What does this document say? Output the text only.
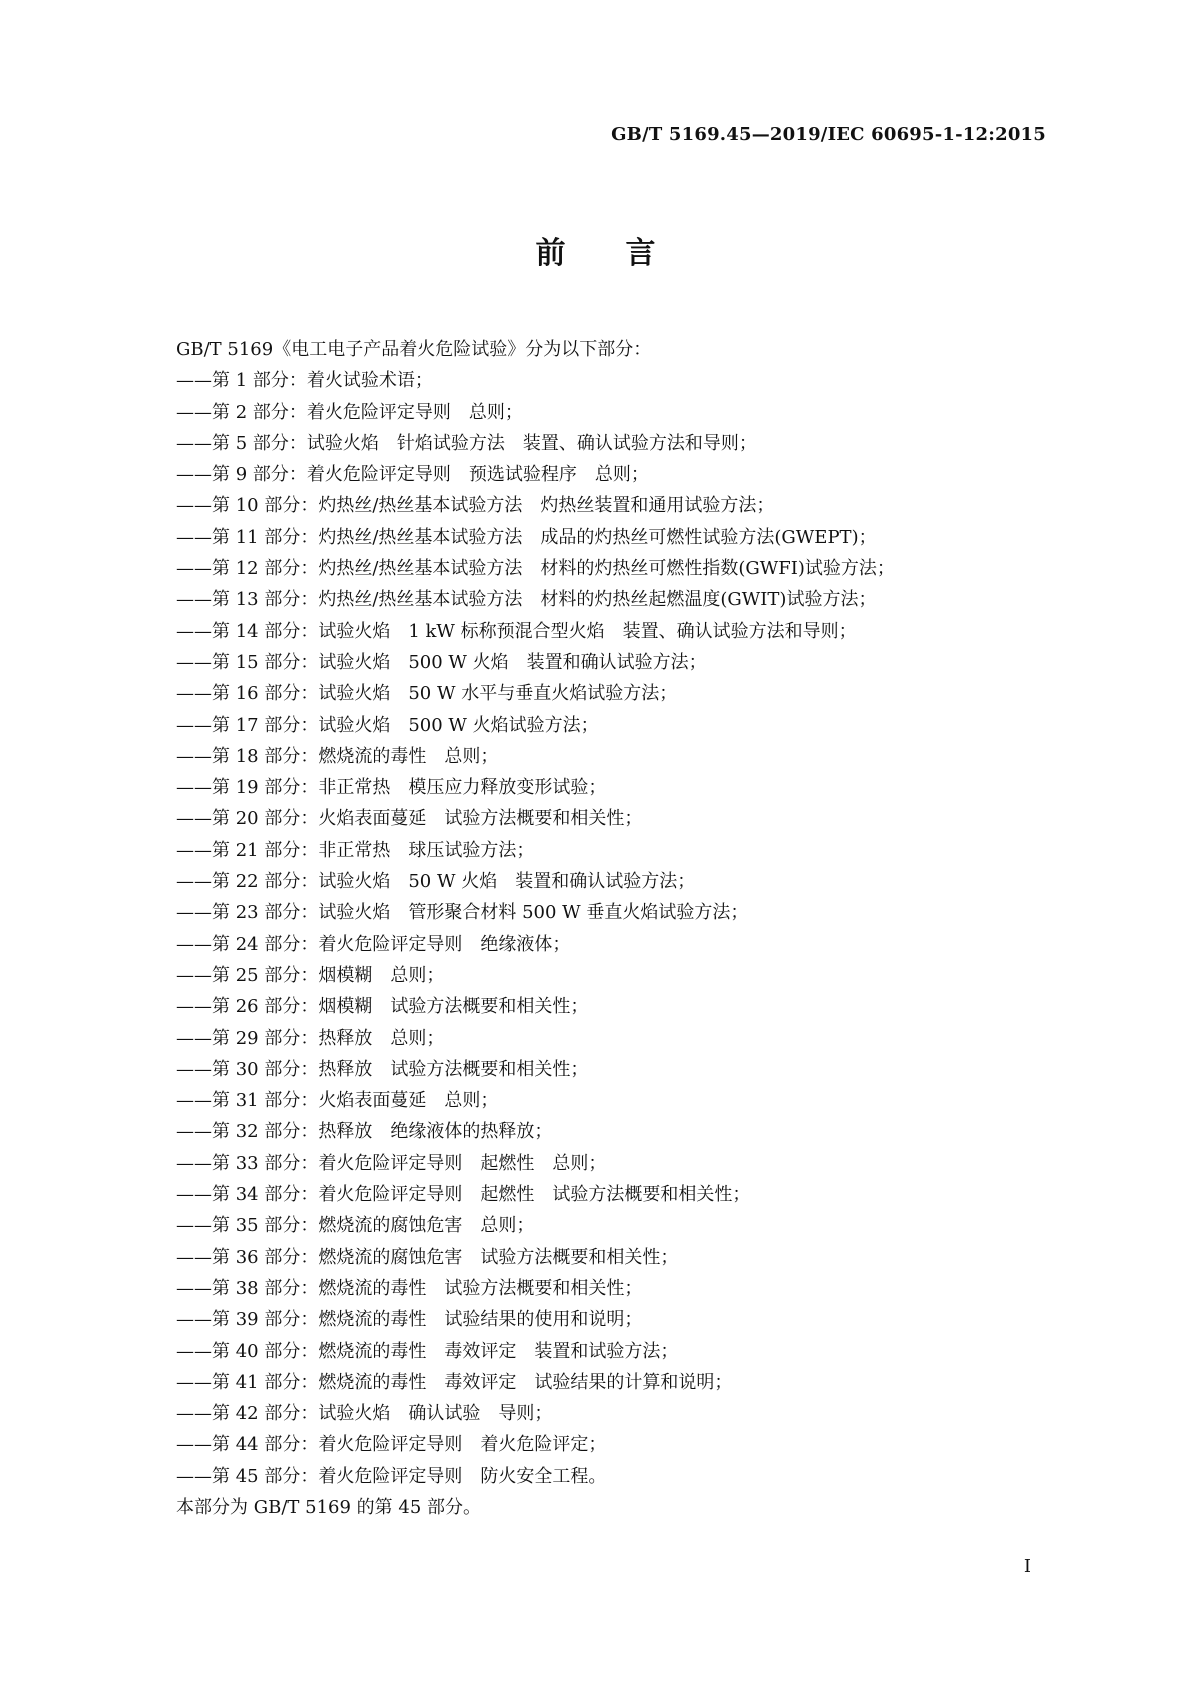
GB/T 5169.45—2019/IEC 60695-1-12:2015
前言
GB/T 5169《电工电子产品着火危险试验》分为以下部分：
——第 1 部分：着火试验术语；
——第 2 部分：着火危险评定导则　总则；
——第 5 部分：试验火焰　针焰试验方法　装置、确认试验方法和导则；
——第 9 部分：着火危险评定导则　预选试验程序　总则；
——第 10 部分：灼热丝/热丝基本试验方法　灼热丝装置和通用试验方法；
——第 11 部分：灼热丝/热丝基本试验方法　成品的灼热丝可燃性试验方法(GWEPT)；
——第 12 部分：灼热丝/热丝基本试验方法　材料的灼热丝可燃性指数(GWFI)试验方法；
——第 13 部分：灼热丝/热丝基本试验方法　材料的灼热丝起燃温度(GWIT)试验方法；
——第 14 部分：试验火焰　1 kW 标称预混合型火焰　装置、确认试验方法和导则；
——第 15 部分：试验火焰　500 W 火焰　装置和确认试验方法；
——第 16 部分：试验火焰　50 W 水平与垂直火焰试验方法；
——第 17 部分：试验火焰　500 W 火焰试验方法；
——第 18 部分：燃烧流的毒性　总则；
——第 19 部分：非正常热　模压应力释放变形试验；
——第 20 部分：火焰表面蔓延　试验方法概要和相关性；
——第 21 部分：非正常热　球压试验方法；
——第 22 部分：试验火焰　50 W 火焰　装置和确认试验方法；
——第 23 部分：试验火焰　管形聚合材料 500 W 垂直火焰试验方法；
——第 24 部分：着火危险评定导则　绝缘液体；
——第 25 部分：烟模糊　总则；
——第 26 部分：烟模糊　试验方法概要和相关性；
——第 29 部分：热释放　总则；
——第 30 部分：热释放　试验方法概要和相关性；
——第 31 部分：火焰表面蔓延　总则；
——第 32 部分：热释放　绝缘液体的热释放；
——第 33 部分：着火危险评定导则　起燃性　总则；
——第 34 部分：着火危险评定导则　起燃性　试验方法概要和相关性；
——第 35 部分：燃烧流的腐蚀危害　总则；
——第 36 部分：燃烧流的腐蚀危害　试验方法概要和相关性；
——第 38 部分：燃烧流的毒性　试验方法概要和相关性；
——第 39 部分：燃烧流的毒性　试验结果的使用和说明；
——第 40 部分：燃烧流的毒性　毒效评定　装置和试验方法；
——第 41 部分：燃烧流的毒性　毒效评定　试验结果的计算和说明；
——第 42 部分：试验火焰　确认试验　导则；
——第 44 部分：着火危险评定导则　着火危险评定；
——第 45 部分：着火危险评定导则　防火安全工程。
本部分为 GB/T 5169 的第 45 部分。
I
